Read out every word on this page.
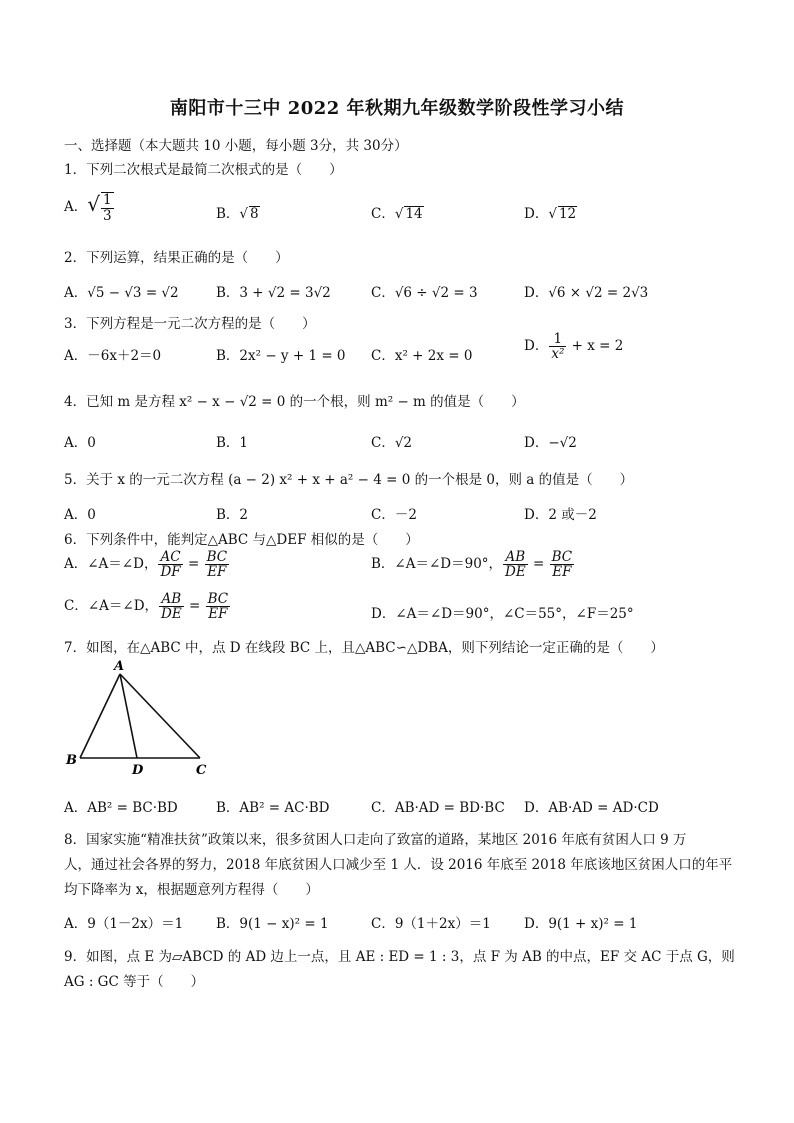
南阳市十三中 2022 年秋期九年级数学阶段性学习小结
一、选择题（本大题共 10 小题，每小题 3分，共 30分）
1．下列二次根式是最简二次根式的是（　　）
A．√ $\frac{1}{3}$	B．√ 8	C．√ 14	D．√ 12
2．下列运算，结果正确的是（　　）
A．√5 − √3 = √2	B．3 + √2 = 3√2	C．√6 ÷ √2 = 3	D．√6 × √2 = 2√3
3．下列方程是一元二次方程的是（　　）
A．－6x＋2＝0	B．2x² − y + 1 = 0 C．x² + 2x = 0
D． $\frac{1}{\text{x²}} + x = 2$
4．已知 m 是方程 x² − x − √2 = 0 的一个根，则 m² − m 的值是（　　）
A．0	B．1	C．√2	D．−√2
5．关于 x 的一元二次方程 (a − 2) x² + x + a² − 4 = 0 的一个根是 0，则 a 的值是（　　）
A．0	B．2	C．－2	D．2 或－2
6．下列条件中，能判定△ABC 与△DEF 相似的是（　　）
A．∠A＝∠D， $\frac{AC}{DF} = \frac{BC}{EF}$	B．∠A＝∠D＝90°， $\frac{AB}{DE} = \frac{BC}{EF}$
C．∠A＝∠D， $\frac{AB}{DE} = \frac{BC}{EF}$	D．∠A＝∠D＝90°，∠C＝55°，∠F＝25°
7．如图，在△ABC 中，点 D 在线段 BC 上，且△ABC∽△DBA，则下列结论一定正确的是（　　）
A
B
D	C
A．AB² = BC·BD	B．AB² = AC·BD	C．AB·AD = BD·BC D．AB·AD = AD·CD
8．国家实施“精准扶贫”政策以来，很多贫困人口走向了致富的道路，某地区 2016 年底有贫困人口 9 万
人，通过社会各界的努力，2018 年底贫困人口减少至 1 人．设 2016 年底至 2018 年底该地区贫困人口的年平
均下降率为 x，根据题意列方程得（　　）
A．9（1－2x）＝1 B．9(1 − x)² = 1	C．9（1＋2x）＝1 D．9(1 + x)² = 1
9．如图，点 E 为▱ABCD 的 AD 边上一点，且 AE : ED = 1 : 3，点 F 为 AB 的中点，EF 交 AC 于点 G，则
AG : GC 等于（　　）
